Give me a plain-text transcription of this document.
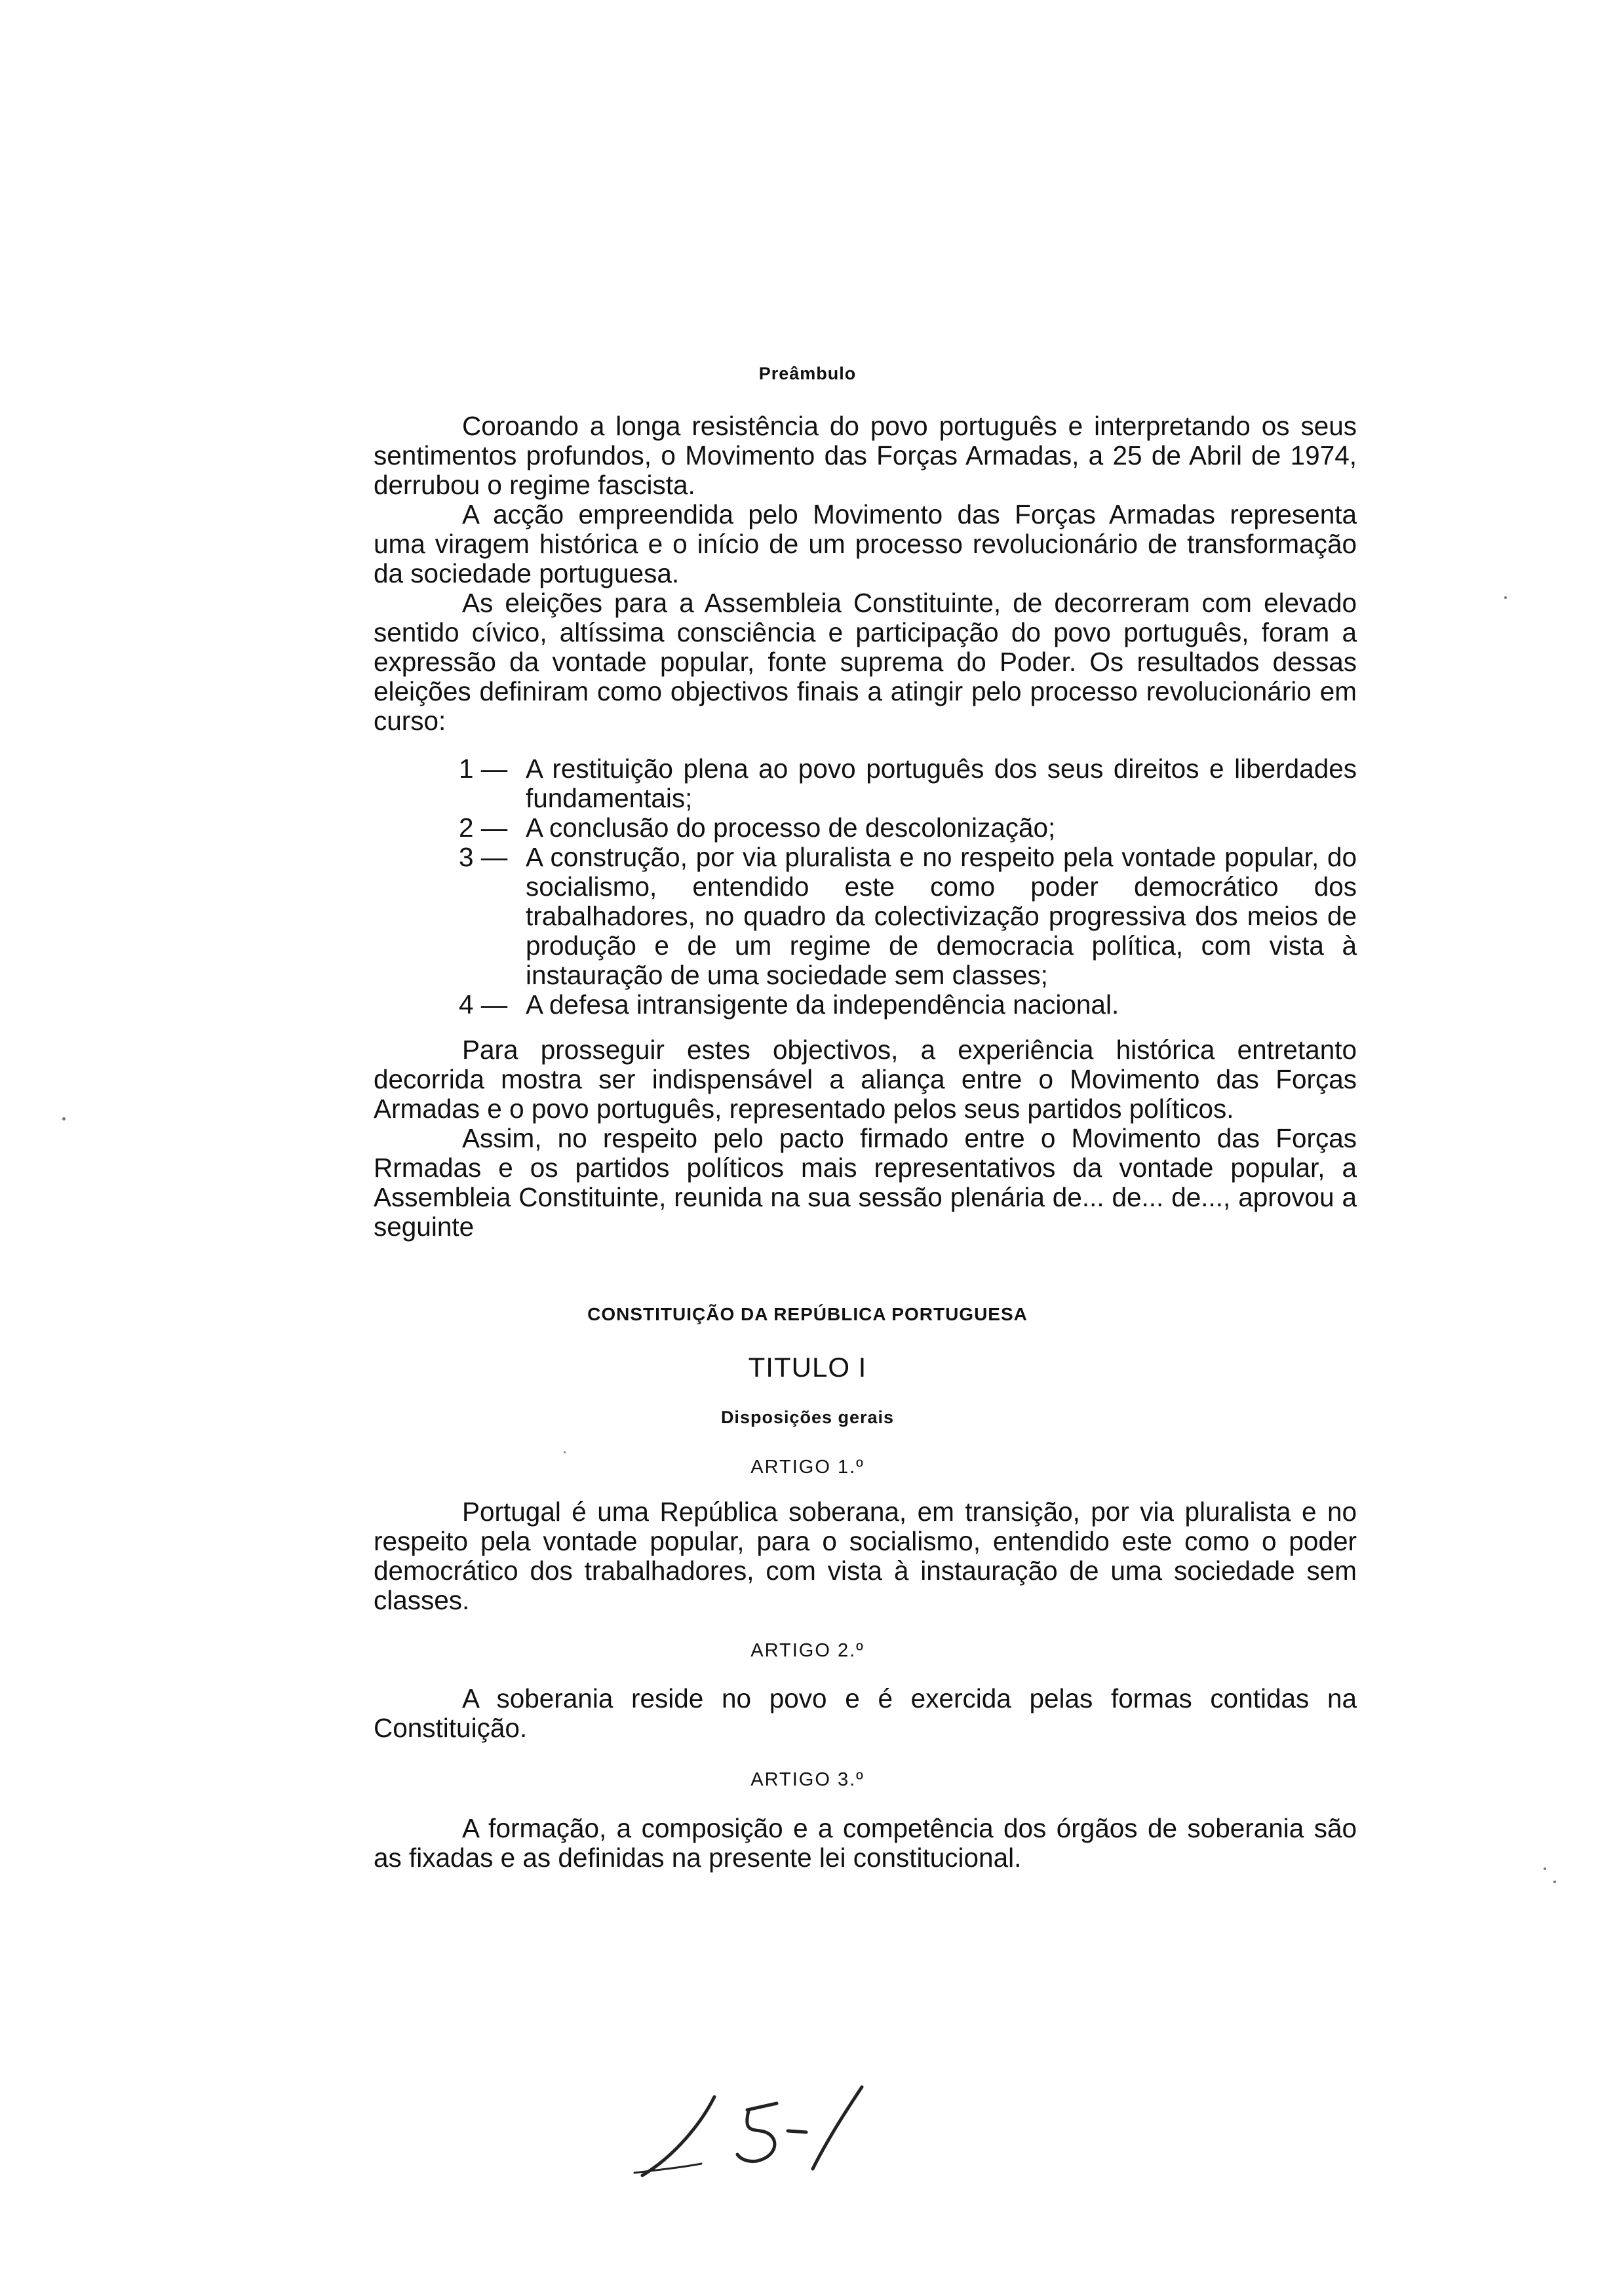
Preâmbulo

Coroando a longa resistência do povo português e interpretando os seus sentimentos profundos, o Movimento das Forças Armadas, a 25 de Abril de 1974, derrubou o regime fascista.

A acção empreendida pelo Movimento das Forças Armadas representa uma viragem histórica e o início de um processo revolucionário de transformação da sociedade portuguesa.

As eleições para a Assembleia Constituinte, de decorreram com elevado sentido cívico, altíssima consciência e participação do povo português, foram a expressão da vontade popular, fonte suprema do Poder. Os resultados dessas eleições definiram como objectivos finais a atingir pelo processo revolucionário em curso:

1 — A restituição plena ao povo português dos seus direitos e liberdades fundamentais;
2 — A conclusão do processo de descolonização;
3 — A construção, por via pluralista e no respeito pela vontade popular, do socialismo, entendido este como poder democrático dos trabalhadores, no quadro da colectivização progressiva dos meios de produção e de um regime de democracia política, com vista à instauração de uma sociedade sem classes;
4 — A defesa intransigente da independência nacional.

Para prosseguir estes objectivos, a experiência histórica entretanto decorrida mostra ser indispensável a aliança entre o Movimento das Forças Armadas e o povo português, representado pelos seus partidos políticos.

Assim, no respeito pelo pacto firmado entre o Movimento das Forças Rrmadas e os partidos políticos mais representativos da vontade popular, a Assembleia Constituinte, reunida na sua sessão plenária de... de... de..., aprovou a seguinte

CONSTITUIÇÃO DA REPÚBLICA PORTUGUESA
TITULO I
Disposições gerais
ARTIGO 1.º

Portugal é uma República soberana, em transição, por via pluralista e no respeito pela vontade popular, para o socialismo, entendido este como o poder democrático dos trabalhadores, com vista à instauração de uma sociedade sem classes.

ARTIGO 2.º

A soberania reside no povo e é exercida pelas formas contidas na Constituição.

ARTIGO 3.º

A formação, a composição e a competência dos órgãos de soberania são as fixadas e as definidas na presente lei constitucional.
